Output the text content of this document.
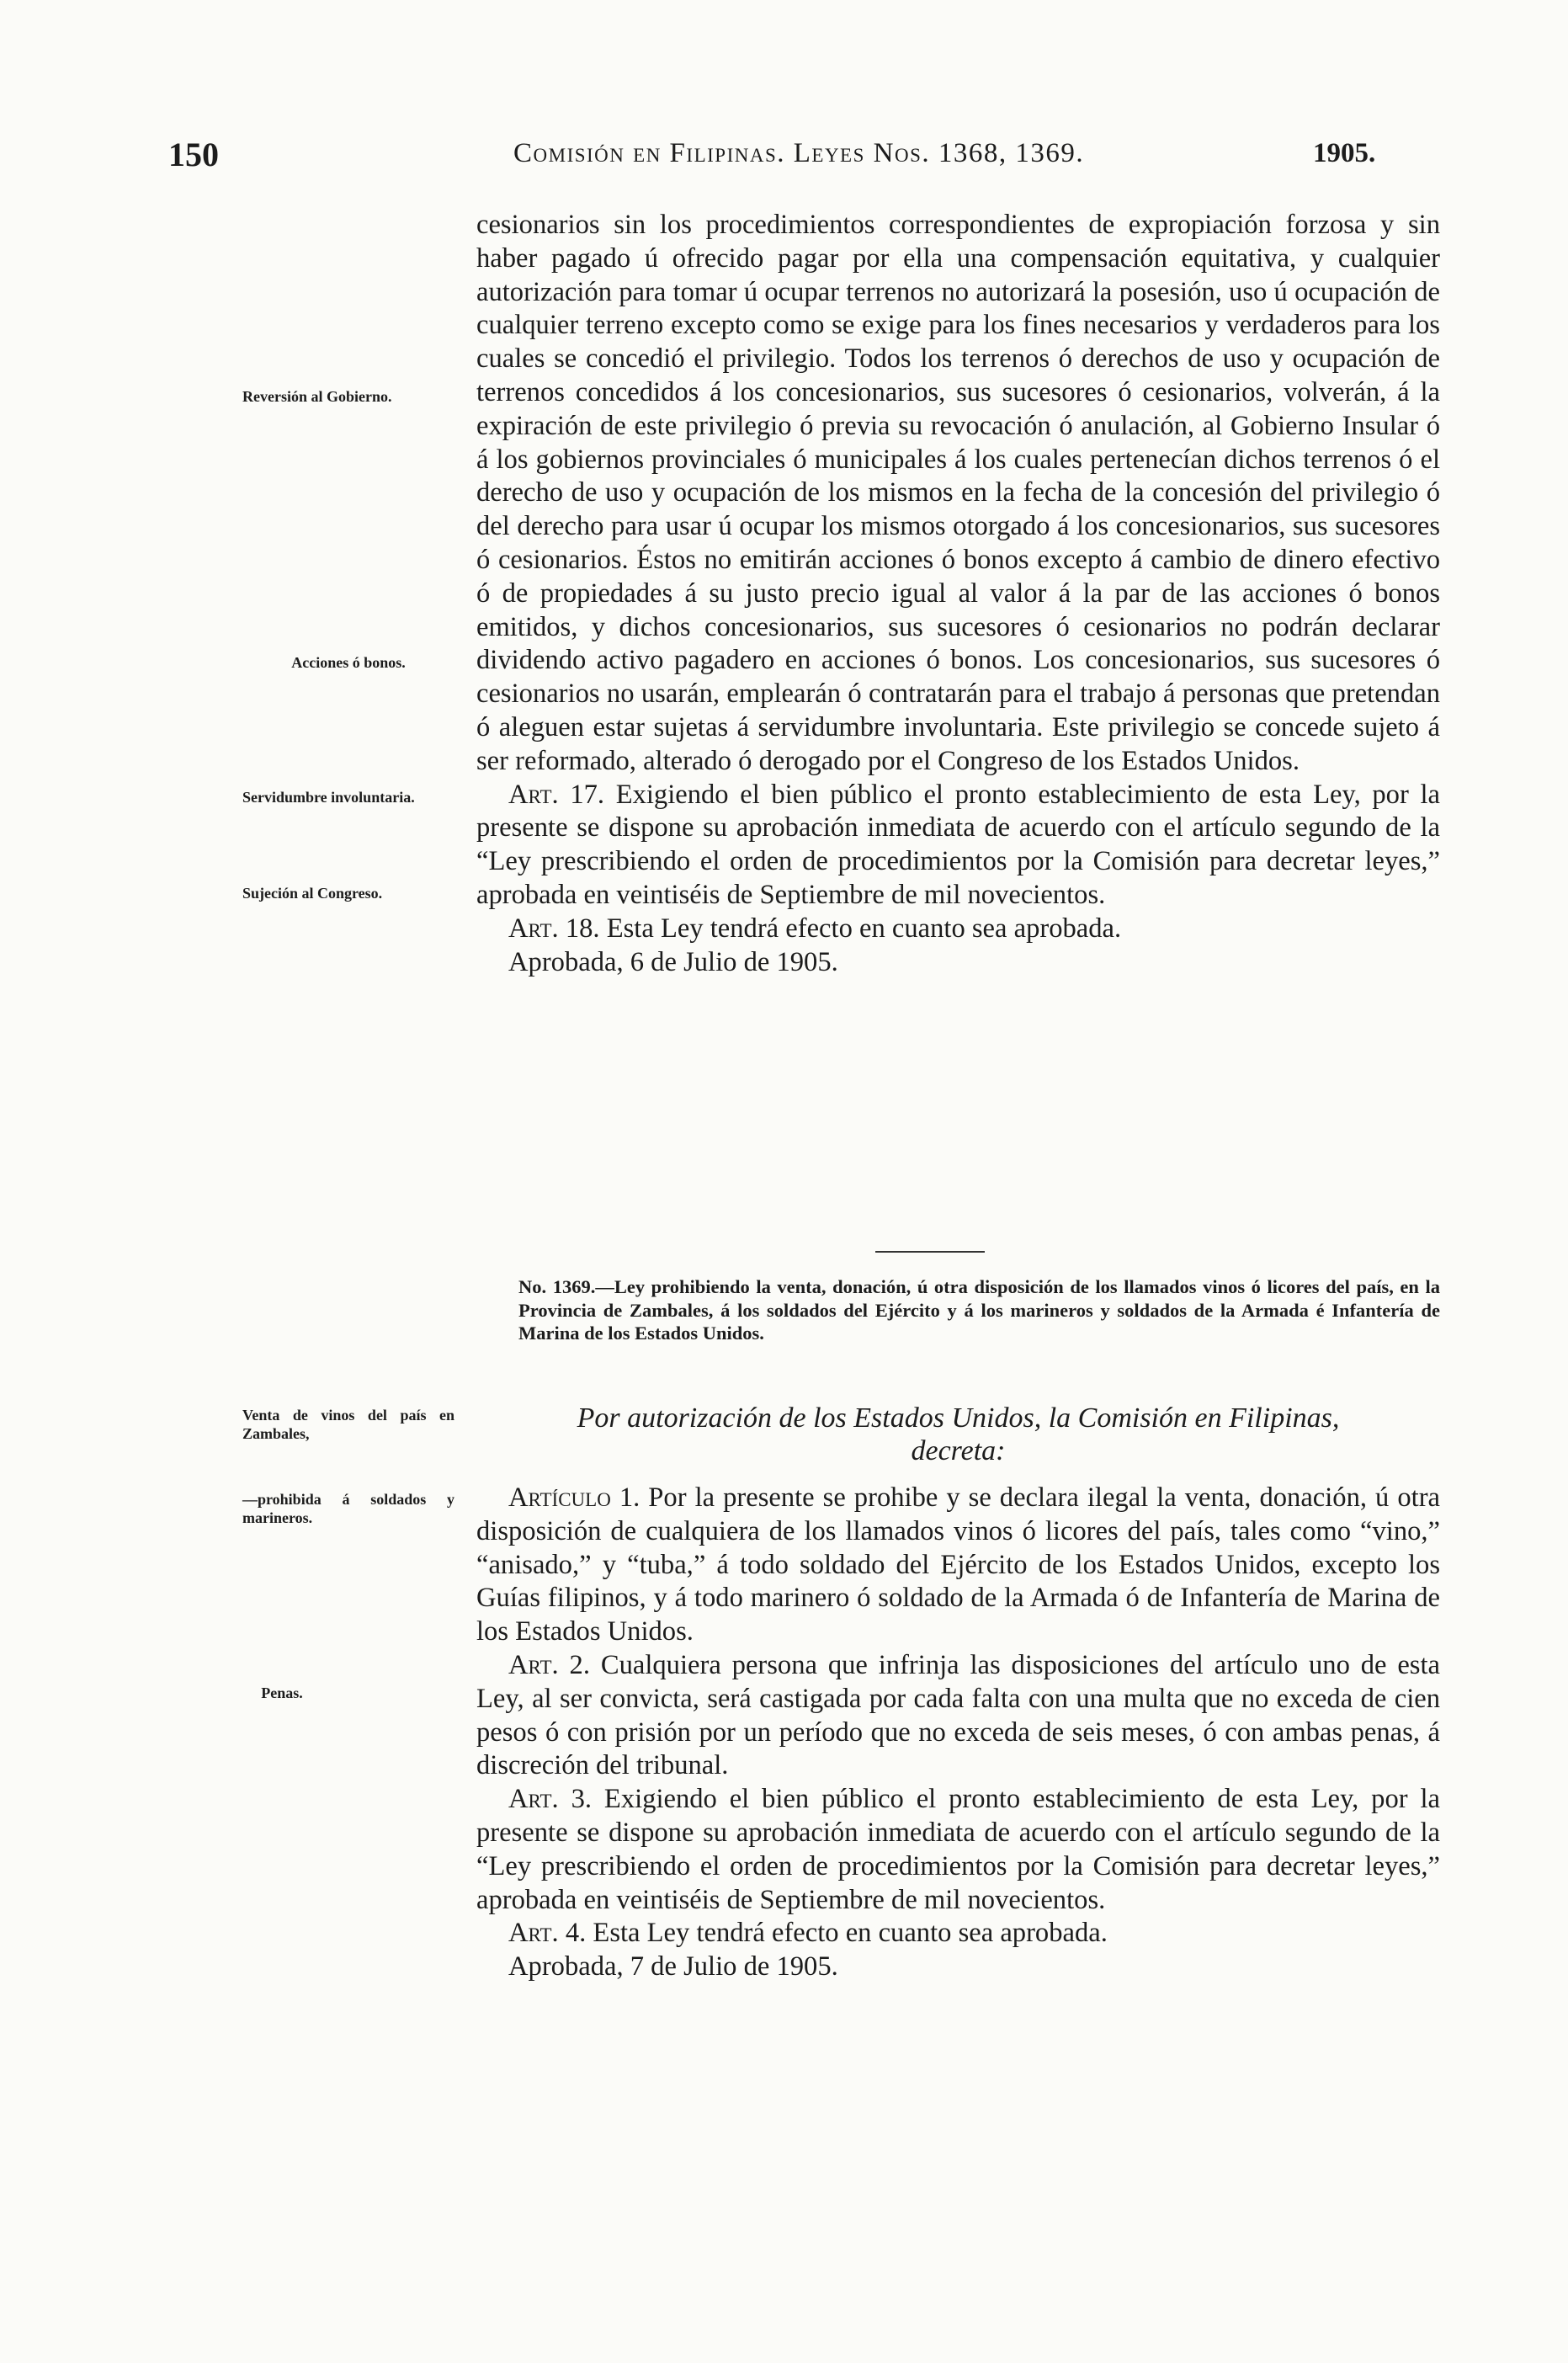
150	Comisión en Filipinas. Leyes Nos. 1368, 1369.	1905.
Reversión al Gobierno.
Acciones ó bonos.
Servidumbre involuntaria.
Sujeción al Congreso.
Venta de vinos del país en Zambales,
—prohibida á soldados y marineros.
Penas.

cesionarios sin los procedimientos correspondientes de expropiación forzosa y sin haber pagado ú ofrecido pagar por ella una compensación equitativa, y cualquier autorización para tomar ú ocupar terrenos no autorizará la posesión, uso ú ocupación de cualquier terreno excepto como se exige para los fines necesarios y verdaderos para los cuales se concedió el privilegio. Todos los terrenos ó derechos de uso y ocupación de terrenos concedidos á los concesionarios, sus sucesores ó cesionarios, volverán, á la expiración de este privilegio ó previa su revocación ó anulación, al Gobierno Insular ó á los gobiernos provinciales ó municipales á los cuales pertenecían dichos terrenos ó el derecho de uso y ocupación de los mismos en la fecha de la concesión del privilegio ó del derecho para usar ú ocupar los mismos otorgado á los concesionarios, sus sucesores ó cesionarios. Éstos no emitirán acciones ó bonos excepto á cambio de dinero efectivo ó de propiedades á su justo precio igual al valor á la par de las acciones ó bonos emitidos, y dichos concesionarios, sus sucesores ó cesionarios no podrán declarar dividendo activo pagadero en acciones ó bonos. Los concesionarios, sus sucesores ó cesionarios no usarán, emplearán ó contratarán para el trabajo á personas que pretendan ó aleguen estar sujetas á servidumbre involuntaria. Este privilegio se concede sujeto á ser reformado, alterado ó derogado por el Congreso de los Estados Unidos.

Art. 17. Exigiendo el bien público el pronto establecimiento de esta Ley, por la presente se dispone su aprobación inmediata de acuerdo con el artículo segundo de la “Ley prescribiendo el orden de procedimientos por la Comisión para decretar leyes,” aprobada en veintiséis de Septiembre de mil novecientos.

Art. 18. Esta Ley tendrá efecto en cuanto sea aprobada.

Aprobada, 6 de Julio de 1905.

No. 1369.—Ley prohibiendo la venta, donación, ú otra disposición de los llamados vinos ó licores del país, en la Provincia de Zambales, á los soldados del Ejército y á los marineros y soldados de la Armada é Infantería de Marina de los Estados Unidos.

Por autorización de los Estados Unidos, la Comisión en Filipinas,

decreta:

Artículo 1. Por la presente se prohibe y se declara ilegal la venta, donación, ú otra disposición de cualquiera de los llamados vinos ó licores del país, tales como “vino,” “anisado,” y “tuba,” á todo soldado del Ejército de los Estados Unidos, excepto los Guías filipinos, y á todo marinero ó soldado de la Armada ó de Infantería de Marina de los Estados Unidos.

Art. 2. Cualquiera persona que infrinja las disposiciones del artículo uno de esta Ley, al ser convicta, será castigada por cada falta con una multa que no exceda de cien pesos ó con prisión por un período que no exceda de seis meses, ó con ambas penas, á discreción del tribunal.

Art. 3. Exigiendo el bien público el pronto establecimiento de esta Ley, por la presente se dispone su aprobación inmediata de acuerdo con el artículo segundo de la “Ley prescribiendo el orden de procedimientos por la Comisión para decretar leyes,” aprobada en veintiséis de Septiembre de mil novecientos.

Art. 4. Esta Ley tendrá efecto en cuanto sea aprobada.

Aprobada, 7 de Julio de 1905.
